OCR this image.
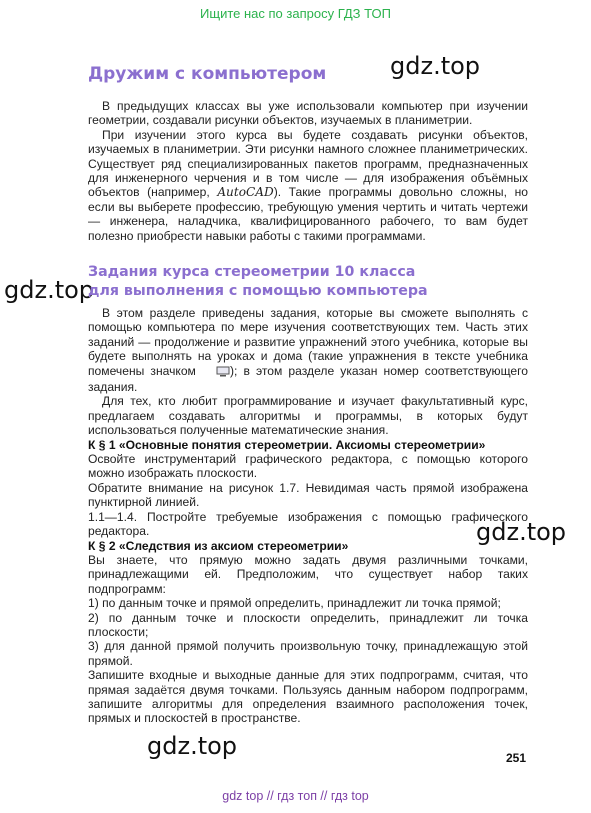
Ищите нас по запросу ГДЗ ТОП
gdz.top
gdz.top
gdz.top
gdz.top
Дружим с компьютером

В предыдущих классах вы уже использовали компьютер при изучении геометрии, создавали рисунки объектов, изучаемых в планиметрии.

При изучении этого курса вы будете создавать рисунки объектов, изучаемых в планиметрии. Эти рисунки намного сложнее планиметрических. Существует ряд специализированных пакетов программ, предназначенных для инженерного черчения и в том числе — для изображения объёмных объектов (например, AutoCAD). Такие программы довольно сложны, но если вы выберете профессию, требующую умения чертить и читать чертежи — инженера, наладчика, квалифицированного рабочего, то вам будет полезно приобрести навыки работы с такими программами.

Задания курса стереометрии 10 класса
для выполнения с помощью компьютера

В этом разделе приведены задания, которые вы сможете выполнять с помощью компьютера по мере изучения соответствующих тем. Часть этих заданий — продолжение и развитие упражнений этого учебника, которые вы будете выполнять на уроках и дома (такие упражнения в тексте учебника помечены значком ); в этом разделе указан номер соответствующего задания.

Для тех, кто любит программирование и изучает факультативный курс, предлагаем создавать алгоритмы и программы, в которых будут использоваться полученные математические знания.

К § 1 «Основные понятия стереометрии. Аксиомы стереометрии»

Освойте инструментарий графического редактора, с помощью которого можно изображать плоскости.

Обратите внимание на рисунок 1.7. Невидимая часть прямой изображена пунктирной линией.

1.1—1.4. Постройте требуемые изображения с помощью графического редактора.

К § 2 «Следствия из аксиом стереометрии»

Вы знаете, что прямую можно задать двумя различными точками, принадлежащими ей. Предположим, что существует набор таких подпрограмм:

1) по данным точке и прямой определить, принадлежит ли точка прямой;

2) по данным точке и плоскости определить, принадлежит ли точка плоскости;

3) для данной прямой получить произвольную точку, принадлежащую этой прямой.

Запишите входные и выходные данные для этих подпрограмм, считая, что прямая задаётся двумя точками. Пользуясь данным набором подпрограмм, запишите алгоритмы для определения взаимного расположения точек, прямых и плоскостей в пространстве.

251
gdz top // гдз топ // гдз top
